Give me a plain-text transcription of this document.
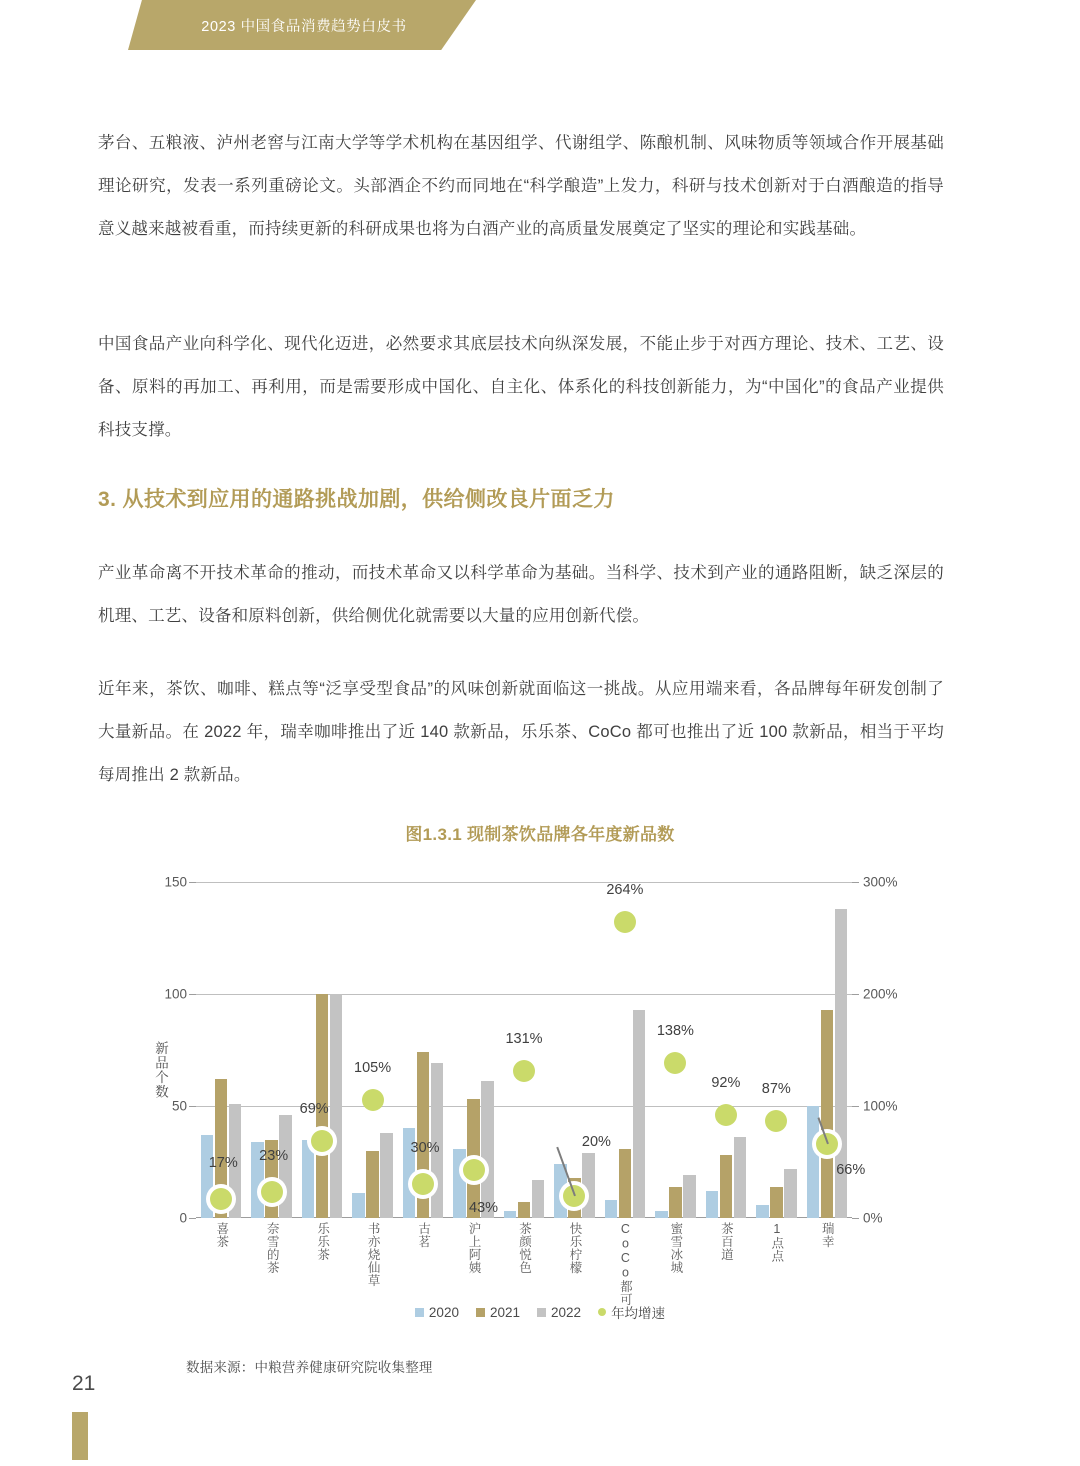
2023 中国食品消费趋势白皮书

茅台、五粮液、泸州老窖与江南大学等学术机构在基因组学、代谢组学、陈酿机制、风味物质等领域合作开展基础理论研究，发表一系列重磅论文。头部酒企不约而同地在“科学酿造”上发力，科研与技术创新对于白酒酿造的指导意义越来越被看重，而持续更新的科研成果也将为白酒产业的高质量发展奠定了坚实的理论和实践基础。

中国食品产业向科学化、现代化迈进，必然要求其底层技术向纵深发展，不能止步于对西方理论、技术、工艺、设备、原料的再加工、再利用，而是需要形成中国化、自主化、体系化的科技创新能力，为“中国化”的食品产业提供科技支撑。

3. 从技术到应用的通路挑战加剧，供给侧改良片面乏力

产业革命离不开技术革命的推动，而技术革命又以科学革命为基础。当科学、技术到产业的通路阻断，缺乏深层的机理、工艺、设备和原料创新，供给侧优化就需要以大量的应用创新代偿。

近年来，茶饮、咖啡、糕点等“泛享受型食品”的风味创新就面临这一挑战。从应用端来看，各品牌每年研发创制了大量新品。在 2022 年，瑞幸咖啡推出了近 140 款新品，乐乐茶、CoCo 都可也推出了近 100 款新品，相当于平均每周推出 2 款新品。

图1.3.1 现制茶饮品牌各年度新品数
新品个数
0
50
100
150
0%
100%
200%
300%
喜茶
17%
奈雪的茶
23%
乐乐茶
69%
书亦烧仙草
105%
古茗
30%
沪上阿姨
43%
茶颜悦色
131%
快乐柠檬
20%
CoCo都可
264%
蜜雪冰城
138%
茶百道
92%
1点点
87%
瑞幸
66%
2020 2021 2022 年均增速
数据来源：中粮营养健康研究院收集整理
21
